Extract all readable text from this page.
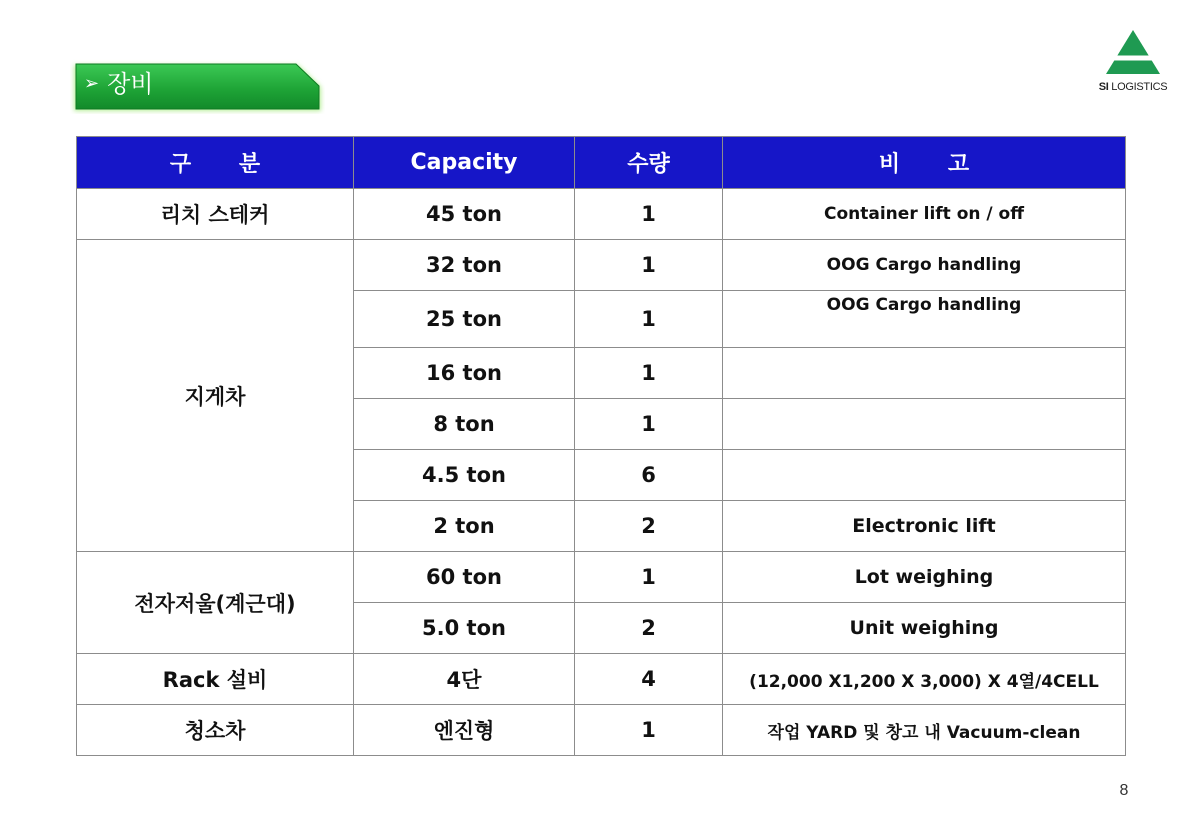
➢ 장비	SI LOGISTICS
구 분	Capacity	수량	비 고
리치 스테커	45 ton	1	Container lift on / off
지게차	32 ton	1	OOG Cargo handling
	25 ton	1	OOG Cargo handling
	16 ton	1	
	8 ton	1	
	4.5 ton	6	
	2 ton	2	Electronic lift
전자저울(계근대)	60 ton	1	Lot weighing
	5.0 ton	2	Unit weighing
Rack 설비	4단	4	(12,000 X1,200 X 3,000) X 4열/4CELL
청소차	엔진형	1	작업 YARD 및 창고 내 Vacuum-clean
8
